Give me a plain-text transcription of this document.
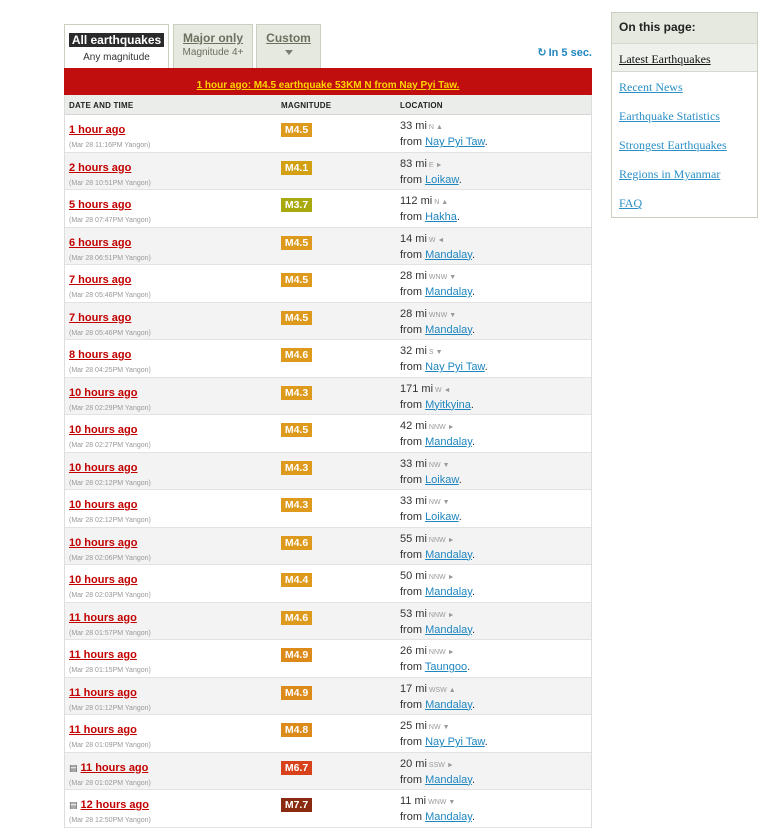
All earthquakes
Any magnitude
Major only
Magnitude 4+
Custom
↻ In 5 sec.
1 hour ago: M4.5 earthquake 53KM N from Nay Pyi Taw.
DATE AND TIME	MAGNITUDE	LOCATION
1 hour ago
(Mar 28 11:16PM Yangon)
M4.5	33 mi N ▲
from Nay Pyi Taw.
2 hours ago
(Mar 28 10:51PM Yangon)
M4.1	83 mi E ►
from Loikaw.
5 hours ago
(Mar 28 07:47PM Yangon)
M3.7	112 mi N ▲
from Hakha.
6 hours ago
(Mar 28 06:51PM Yangon)
M4.5	14 mi W ◄
from Mandalay.
7 hours ago
(Mar 28 05:46PM Yangon)
M4.5	28 mi WNW ▼
from Mandalay.
7 hours ago
(Mar 28 05:46PM Yangon)
M4.5	28 mi WNW ▼
from Mandalay.
8 hours ago
(Mar 28 04:25PM Yangon)
M4.6	32 mi S ▼
from Nay Pyi Taw.
10 hours ago
(Mar 28 02:29PM Yangon)
M4.3	171 mi W ◄
from Myitkyina.
10 hours ago
(Mar 28 02:27PM Yangon)
M4.5	42 mi NNW ►
from Mandalay.
10 hours ago
(Mar 28 02:12PM Yangon)
M4.3	33 mi NW ▼
from Loikaw.
10 hours ago
(Mar 28 02:12PM Yangon)
M4.3	33 mi NW ▼
from Loikaw.
10 hours ago
(Mar 28 02:06PM Yangon)
M4.6	55 mi NNW ►
from Mandalay.
10 hours ago
(Mar 28 02:03PM Yangon)
M4.4	50 mi NNW ►
from Mandalay.
11 hours ago
(Mar 28 01:57PM Yangon)
M4.6	53 mi NNW ►
from Mandalay.
11 hours ago
(Mar 28 01:15PM Yangon)
M4.9	26 mi NNW ►
from Taungoo.
11 hours ago
(Mar 28 01:12PM Yangon)
M4.9	17 mi WSW ▲
from Mandalay.
11 hours ago
(Mar 28 01:09PM Yangon)
M4.8	25 mi NW ▼
from Nay Pyi Taw.
▤ 11 hours ago
(Mar 28 01:02PM Yangon)
M6.7	20 mi SSW ►
from Mandalay.
▤ 12 hours ago
(Mar 28 12:50PM Yangon)
M7.7	11 mi WNW ▼
from Mandalay.
On this page:
Latest Earthquakes
Recent News
Earthquake Statistics
Strongest Earthquakes
Regions in Myanmar
FAQ
